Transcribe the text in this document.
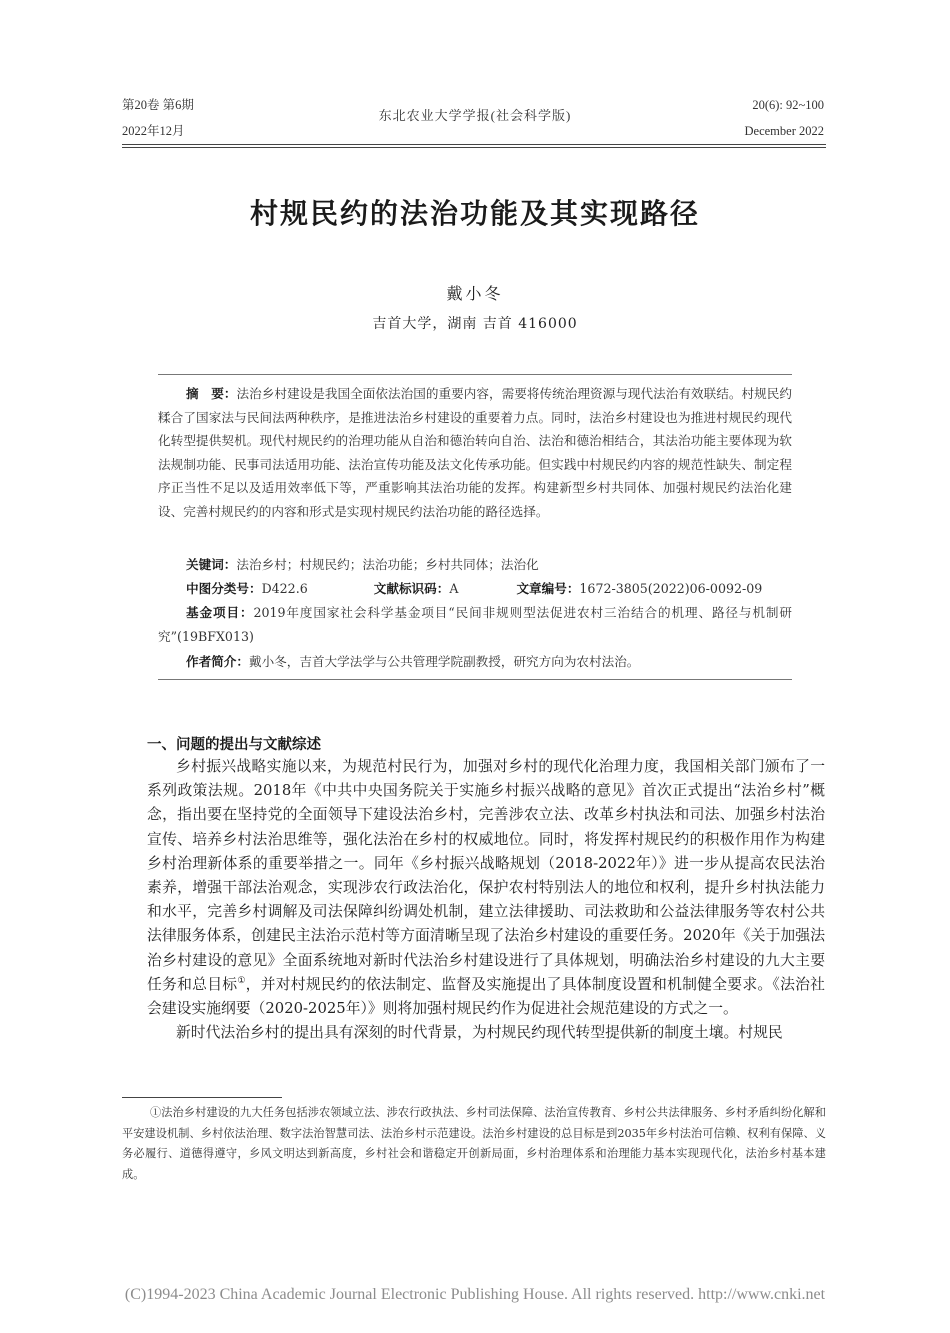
第20卷 第6期
2022年12月
东北农业大学学报(社会科学版)
20(6): 92~100
December 2022
村规民约的法治功能及其实现路径
戴小冬
吉首大学，湖南 吉首 416000

摘　要：法治乡村建设是我国全面依法治国的重要内容，需要将传统治理资源与现代法治有效联结。村规民约糅合了国家法与民间法两种秩序，是推进法治乡村建设的重要着力点。同时，法治乡村建设也为推进村规民约现代化转型提供契机。现代村规民约的治理功能从自治和德治转向自治、法治和德治相结合，其法治功能主要体现为软法规制功能、民事司法适用功能、法治宣传功能及法文化传承功能。但实践中村规民约内容的规范性缺失、制定程序正当性不足以及适用效率低下等，严重影响其法治功能的发挥。构建新型乡村共同体、加强村规民约法治化建设、完善村规民约的内容和形式是实现村规民约法治功能的路径选择。

关键词：法治乡村；村规民约；法治功能；乡村共同体；法治化
中图分类号：D422.6	文献标识码：A	文章编号：1672-3805(2022)06-0092-09

基金项目：2019年度国家社会科学基金项目“民间非规则型法促进农村三治结合的机理、路径与机制研究”(19BFX013)

作者简介：戴小冬，吉首大学法学与公共管理学院副教授，研究方向为农村法治。
一、问题的提出与文献综述

乡村振兴战略实施以来，为规范村民行为，加强对乡村的现代化治理力度，我国相关部门颁布了一系列政策法规。2018年《中共中央国务院关于实施乡村振兴战略的意见》首次正式提出“法治乡村”概念，指出要在坚持党的全面领导下建设法治乡村，完善涉农立法、改革乡村执法和司法、加强乡村法治宣传、培养乡村法治思维等，强化法治在乡村的权威地位。同时，将发挥村规民约的积极作用作为构建乡村治理新体系的重要举措之一。同年《乡村振兴战略规划（2018-2022年）》进一步从提高农民法治素养，增强干部法治观念，实现涉农行政法治化，保护农村特别法人的地位和权利，提升乡村执法能力和水平，完善乡村调解及司法保障纠纷调处机制，建立法律援助、司法救助和公益法律服务等农村公共法律服务体系，创建民主法治示范村等方面清晰呈现了法治乡村建设的重要任务。2020年《关于加强法治乡村建设的意见》全面系统地对新时代法治乡村建设进行了具体规划，明确法治乡村建设的九大主要任务和总目标①，并对村规民约的依法制定、监督及实施提出了具体制度设置和机制健全要求。《法治社会建设实施纲要（2020-2025年）》则将加强村规民约作为促进社会规范建设的方式之一。

新时代法治乡村的提出具有深刻的时代背景，为村规民约现代转型提供新的制度土壤。村规民

①法治乡村建设的九大任务包括涉农领域立法、涉农行政执法、乡村司法保障、法治宣传教育、乡村公共法律服务、乡村矛盾纠纷化解和平安建设机制、乡村依法治理、数字法治智慧司法、法治乡村示范建设。法治乡村建设的总目标是到2035年乡村法治可信赖、权利有保障、义务必履行、道德得遵守，乡风文明达到新高度，乡村社会和谐稳定开创新局面，乡村治理体系和治理能力基本实现现代化，法治乡村基本建成。

(C)1994-2023 China Academic Journal Electronic Publishing House. All rights reserved. http://www.cnki.net
